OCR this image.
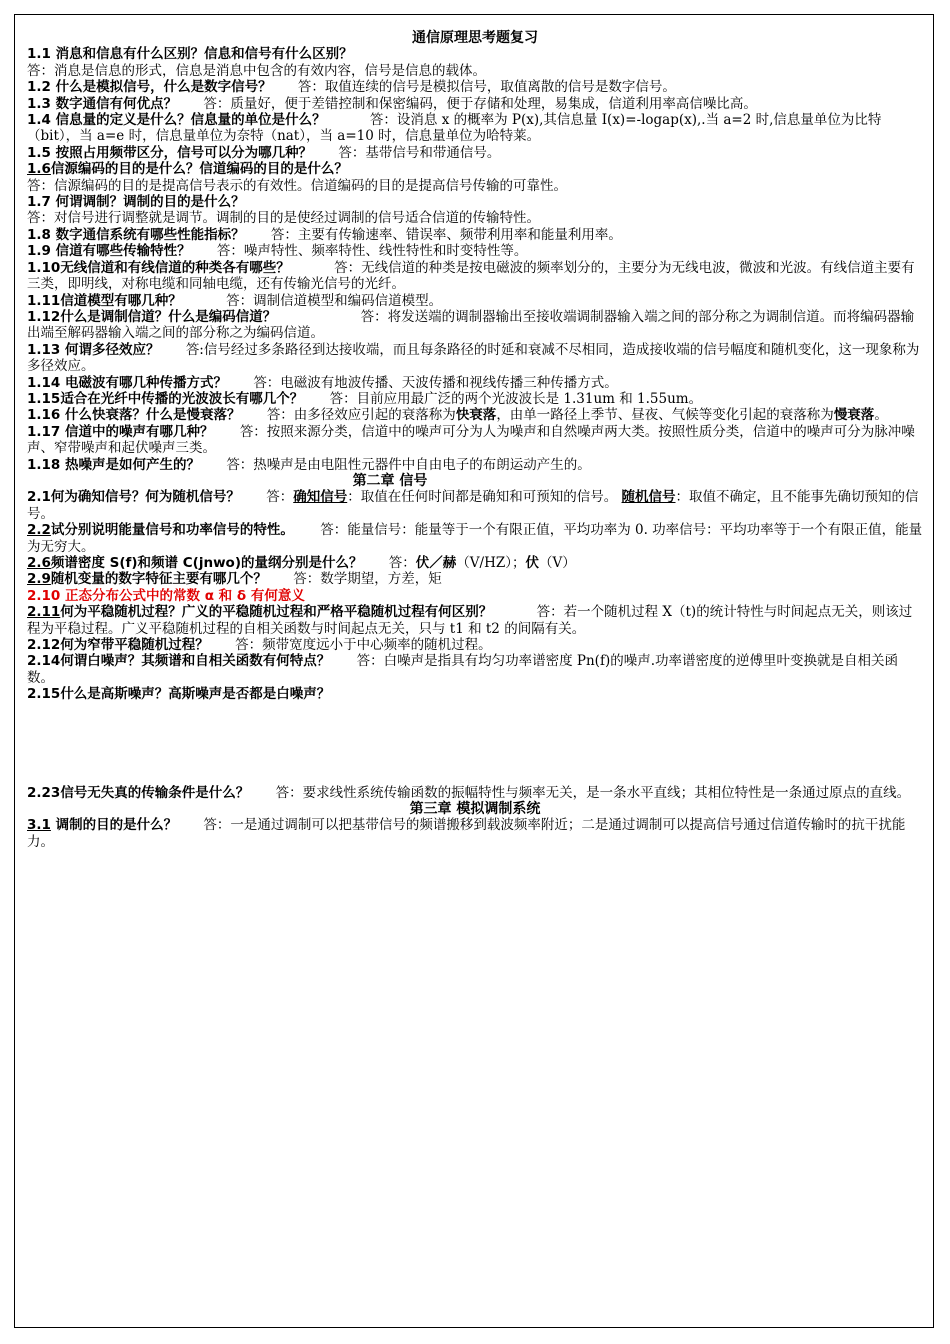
通信原理思考题复习

1.1 消息和信息有什么区别？信息和信号有什么区别？
答：消息是信息的形式，信息是消息中包含的有效内容，信号是信息的载体。

1.2 什么是模拟信号，什么是数字信号？ 答：取值连续的信号是模拟信号，取值离散的信号是数字信号。

1.3 数字通信有何优点？ 答：质量好，便于差错控制和保密编码，便于存储和处理，易集成，信道利用率高信噪比高。

1.4 信息量的定义是什么？信息量的单位是什么？	答：设消息 x 的概率为 P(x),其信息量 I(x)=-logap(x),.当 a=2 时,信息量单位为比特（bit），当 a=e 时，信息量单位为奈特（nat），当 a=10 时，信息量单位为哈特莱。

1.5 按照占用频带区分，信号可以分为哪几种？ 答：基带信号和带通信号。

1.6信源编码的目的是什么？信道编码的目的是什么？
答：信源编码的目的是提高信号表示的有效性。信道编码的目的是提高信号传输的可靠性。

1.7 何谓调制？调制的目的是什么？
答：对信号进行调整就是调节。调制的目的是使经过调制的信号适合信道的传输特性。

1.8 数字通信系统有哪些性能指标？ 答：主要有传输速率、错误率、频带利用率和能量利用率。

1.9 信道有哪些传输特性？ 答：噪声特性、频率特性、线性特性和时变特性等。

1.10无线信道和有线信道的种类各有哪些？	答：无线信道的种类是按电磁波的频率划分的，主要分为无线电波，微波和光波。有线信道主要有三类，即明线，对称电缆和同轴电缆，还有传输光信号的光纤。

1.11信道模型有哪几种？	答：调制信道模型和编码信道模型。

1.12什么是调制信道？什么是编码信道？	答：将发送端的调制器输出至接收端调制器输入端之间的部分称之为调制信道。而将编码器输出端至解码器输入端之间的部分称之为编码信道。

1.13 何谓多径效应？ 答:信号经过多条路径到达接收端，而且每条路径的时延和衰减不尽相同，造成接收端的信号幅度和随机变化，这一现象称为多径效应。

1.14 电磁波有哪几种传播方式？ 答：电磁波有地波传播、天波传播和视线传播三种传播方式。

1.15适合在光纤中传播的光波波长有哪几个？ 答：目前应用最广泛的两个光波波长是 1.31um 和 1.55um。

1.16 什么快衰落？什么是慢衰落？ 答：由多径效应引起的衰落称为快衰落，由单一路径上季节、昼夜、气候等变化引起的衰落称为慢衰落。

1.17 信道中的噪声有哪几种？ 答：按照来源分类，信道中的噪声可分为人为噪声和自然噪声两大类。按照性质分类，信道中的噪声可分为脉冲噪声、窄带噪声和起伏噪声三类。

1.18 热噪声是如何产生的？ 答：热噪声是由电阻性元器件中自由电子的布朗运动产生的。

第二章 信号

2.1何为确知信号？何为随机信号？ 答：确知信号：取值在任何时间都是确知和可预知的信号。 随机信号：取值不确定，且不能事先确切预知的信号。

2.2试分别说明能量信号和功率信号的特性。 答：能量信号：能量等于一个有限正值，平均功率为 0. 功率信号：平均功率等于一个有限正值，能量为无穷大。

2.6频谱密度 S(f)和频谱 C(jnwo)的量纲分别是什么？ 答：伏／赫（V/HZ）；伏（V）

2.9随机变量的数字特征主要有哪几个？ 答：数学期望，方差，矩

2.10 正态分布公式中的常数 α 和 δ 有何意义

2.11何为平稳随机过程？广义的平稳随机过程和严格平稳随机过程有何区别？	答：若一个随机过程 X（t)的统计特性与时间起点无关，则该过程为平稳过程。广义平稳随机过程的自相关函数与时间起点无关，只与 t1 和 t2 的间隔有关。

2.12何为窄带平稳随机过程？ 答：频带宽度远小于中心频率的随机过程。

2.14何谓白噪声？其频谱和自相关函数有何特点？ 答：白噪声是指具有均匀功率谱密度 Pn(f)的噪声.功率谱密度的逆傅里叶变换就是自相关函数。

2.15什么是高斯噪声？高斯噪声是否都是白噪声？

2.23信号无失真的传输条件是什么？ 答：要求线性系统传输函数的振幅特性与频率无关，是一条水平直线；其相位特性是一条通过原点的直线。

第三章 模拟调制系统

3.1 调制的目的是什么？ 答：一是通过调制可以把基带信号的频谱搬移到载波频率附近；二是通过调制可以提高信号通过信道传输时的抗干扰能力。
